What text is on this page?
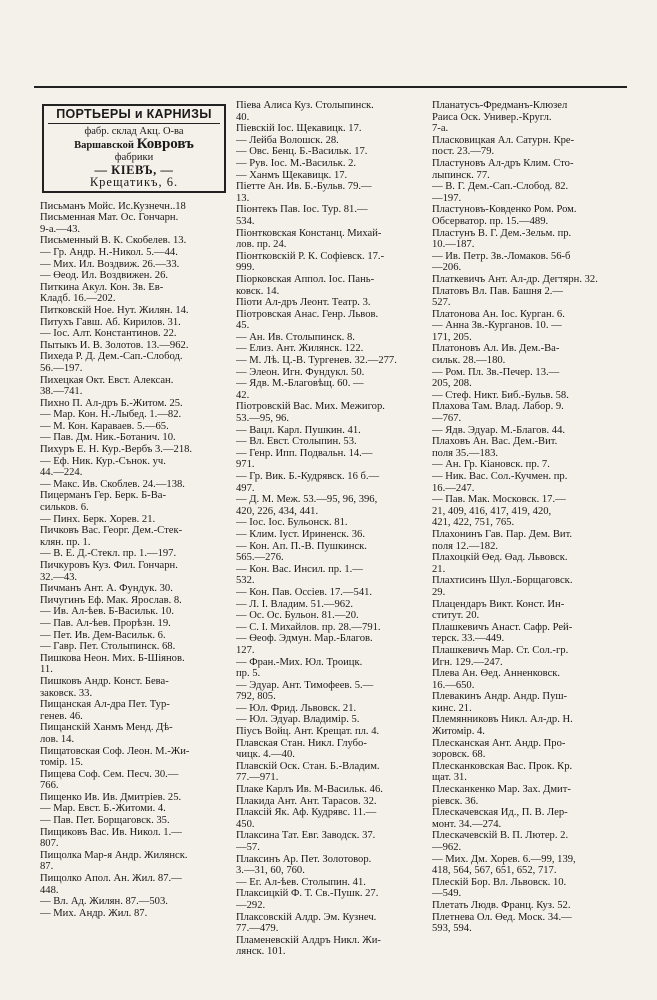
ПОРТЬЕРЫ и КАРНИЗЫ
фабр. склад Акц. О-ва
Варшавской Ковровъ
фабрики
— КІЕВЪ, —
Крещатикъ, 6.
Письманъ Мойс. Ис.Кузнечн..18
Письменная Мат. Ос. Гончарн.
9-а.—43.
Письменный В. К. Скобелев. 13.
— Гр. Андр. Н.-Никол. 5.—44.
— Мих. Ил. Воздвиж. 26.—33.
— Өеод. Ил. Воздвижен. 26.
Питкина Акул. Кон. Зв. Ев-
Кладб. 16.—202.
Питковскій Ное. Нут. Жилян. 14.
Питухъ Гавш. Аб. Кирилов. 31.
— Іос. Алт. Константинов. 22.
Пытыкъ И. В. Золотов. 13.—962.
Пихеда Р. Д. Дем.-Сап.-Слобод.
56.—197.
Пихецкая Окт. Евст. Алексан.
38.—741.
Пихно П. Ал-дръ Б.-Житом. 25.
— Мар. Кон. Н.-Лыбед. 1.—82.
— М. Кон. Караваев. 5.—65.
— Пав. Дм. Ник.-Ботанич. 10.
Пихуръ Е. Н. Кур.-Вербъ 3.—218.
— Еф. Ник. Кур.-Сънок. уч.
44.—224.
— Макс. Ив. Скоблев. 24.—138.
Пицерманъ Гер. Берк. Б-Ва-
сильков. 6.
— Пинх. Берк. Хорев. 21.
Пичковъ Вас. Георг. Дем.-Стек-
клян. пр. 1.
— В. Е. Д.-Стекл. пр. 1.—197.
Пичкуровъ Куз. Фил. Гончарн.
32.—43.
Пичманъ Ант. А. Фундук. 30.
Пичугинъ Еф. Мак. Ярослав. 8.
— Ив. Ал-ѣев. Б-Васильк. 10.
— Пав. Ал-ѣев. Прорѣзн. 19.
— Пет. Ив. Дем-Васильк. 6.
— Гавр. Пет. Столыпинск. 68.
Пишкова Неон. Мих. Б-Шіянов.
11.
Пишковъ Андр. Конст. Бева-
заковск. 33.
Пищанская Ал-дра Пет. Тур-
генев. 46.
Пищанскій Ханмъ Менд. Дѣ-
лов. 14.
Пищатовская Соф. Леон. М.-Жи-
томір. 15.
Пищева Соф. Сем. Песч. 30.—
766.
Пищенко Ив. Ив. Дмитріев. 25.
— Мар. Евст. Б.-Житоми. 4.
— Пав. Пет. Борщаговск. 35.
Пищиковъ Вас. Ив. Никол. 1.—
807.
Пищолка Мар-я Андр. Жилянск.
87.
Пищолко Апол. Ан. Жил. 87.—
448.
— Вл. Ад. Жилян. 87.—503.
— Мих. Андр. Жил. 87.
Піева Алиса Куз. Столыпинск.
40.
Піевскій Іос. Щекавицк. 17.
— Лейба Волошск. 28.
— Овс. Бенц. Б.-Васильк. 17.
— Рув. Іос. М.-Васильк. 2.
— Ханмъ Щекавицк. 17.
Піетте Ан. Ив. Б.-Бульв. 79.—
13.
Піонтекъ Пав. Іос. Тур. 81.—
534.
Піонтковская Констанц. Михай-
лов. пр. 24.
Піонтковскій Р. К. Софіевск. 17.-
999.
Піорковская Аппол. Іос. Пань-
ковск. 14.
Піоти Ал-дръ Леонт. Театр. 3.
Піотровская Анас. Генр. Львов.
45.
— Ан. Ив. Столыпинск. 8.
— Елиз. Ант. Жилянск. 122.
— М. Лѣ. Ц.-В. Тургенев. 32.—277.
— Элеон. Игн. Фундукл. 50.
— Ядв. М.-Благовѣщ. 60. —
42.
Піотровскій Вас. Мих. Межигор.
53.—95, 96.
— Вацл. Карл. Пушкин. 41.
— Вл. Евст. Столыпин. 53.
— Генр. Ипп. Подвальн. 14.—
971.
— Гр. Вик. Б.-Кудрявск. 16 б.—
497.
— Д. М. Меж. 53.—95, 96, 396,
420, 226, 434, 441.
— Іос. Іос. Бульонск. 81.
— Клим. Іуст. Ириненск. 36.
— Кон. Ап. П.-В. Пушкинск.
565.—276.
— Кон. Вас. Инсил. пр. 1.—
532.
— Кон. Пав. Оссіев. 17.—541.
— Л. І. Владим. 51.—962.
— Ос. Ос. Бульон. 81.—20.
— С. І. Михайлов. пр. 28.—791.
— Өеоф. Эдмун. Мар.-Благов.
127.
— Фран.-Мих. Юл. Троицк.
пр. 5.
— Эдуар. Ант. Тимофеев. 5.—
792, 805.
— Юл. Фрид. Львовск. 21.
— Юл. Эдуар. Владимір. 5.
Піусъ Войц. Ант. Крещат. пл. 4.
Плавская Стан. Никл. Глубо-
чицк. 4.—40.
Плавскій Оск. Стан. Б.-Владим.
77.—971.
Плаке Карлъ Ив. М-Васильк. 46.
Плакида Ант. Ант. Тарасов. 32.
Плаксій Як. Аф. Кудрявс. 11.—
450.
Плаксина Тат. Евг. Заводск. 37.
—57.
Плаксинъ Ар. Пет. Золотовор.
3.—31, 60, 760.
— Ег. Ал-ѣев. Столыпин. 41.
Плаксицкій Ф. Т. Св.-Пушк. 27.
—292.
Плаксовскій Алдр. Эм. Кузнеч.
77.—479.
Пламеневскій Алдръ Никл. Жи-
лянск. 101.
Планатусъ-Фредманъ-Клюзел
Раиса Оск. Универ.-Кругл.
7-а.
Пласковицкая Ал. Сатурн. Кре-
пост. 23.—79.
Пластуновъ Ал-дръ Клим. Сто-
лыпинск. 77.
— В. Г. Дем.-Сап.-Слобод. 82.
—197.
Пластуновъ-Ковденко Ром. Ром.
Обсерватор. пр. 15.—489.
Пластунъ В. Г. Дем.-Зельм. пр.
10.—187.
— Ив. Петр. Зв.-Ломаков. 56-б
—206.
Платкевичъ Ант. Ал-др. Дегтярн. 32.
Платовъ Вл. Пав. Башня 2.—
527.
Платонова Ан. Іос. Курган. 6.
— Анна Зв.-Курганов. 10. —
171, 205.
Платоновъ Ал. Ив. Дем.-Ва-
сильк. 28.—180.
— Ром. Пл. Зв.-Печер. 13.—
205, 208.
— Стеф. Никт. Биб.-Бульв. 58.
Плахова Там. Влад. Лабор. 9.
—767.
— Ядв. Эдуар. М.-Благов. 44.
Плаховъ Ан. Вас. Дем.-Вит.
поля 35.—183.
— Ан. Гр. Кіановск. пр. 7.
— Ник. Вас. Сол.-Кучмен. пр.
16.—247.
— Пав. Мак. Московск. 17.—
21, 409, 416, 417, 419, 420,
421, 422, 751, 765.
Плахонинъ Гав. Пар. Дем. Вит.
поля 12.—182.
Плахоцкій Өед. Өад. Львовск.
21.
Плахтисинъ Шул.-Борщаговск.
29.
Плацендаръ Викт. Конст. Ин-
ститут. 20.
Плашкевичъ Анаст. Сафр. Рей-
терск. 33.—449.
Плашкевичъ Мар. Ст. Сол.-гр.
Игн. 129.—247.
Плева Ан. Өед. Анненковск.
16.—650.
Плевакинъ Андр. Андр. Пуш-
кинс. 21.
Племянниковъ Никл. Ал-др. Н.
Житомір. 4.
Плесканская Ант. Андр. Про-
зоровск. 68.
Плесканковская Вас. Прок. Кр.
щат. 31.
Плесканкенко Мар. Зах. Дмит-
ріевск. 36.
Плескачевская Ид., П. В. Лер-
монт. 34.—274.
Плескачевскій В. П. Лютер. 2.
—962.
— Мих. Дм. Хорев. 6.—99, 139,
418, 564, 567, 651, 652, 717.
Плескій Бор. Вл. Львовск. 10.
—549.
Плетать Людв. Франц. Куз. 52.
Плетнева Ол. Өед. Моск. 34.—
593, 594.
